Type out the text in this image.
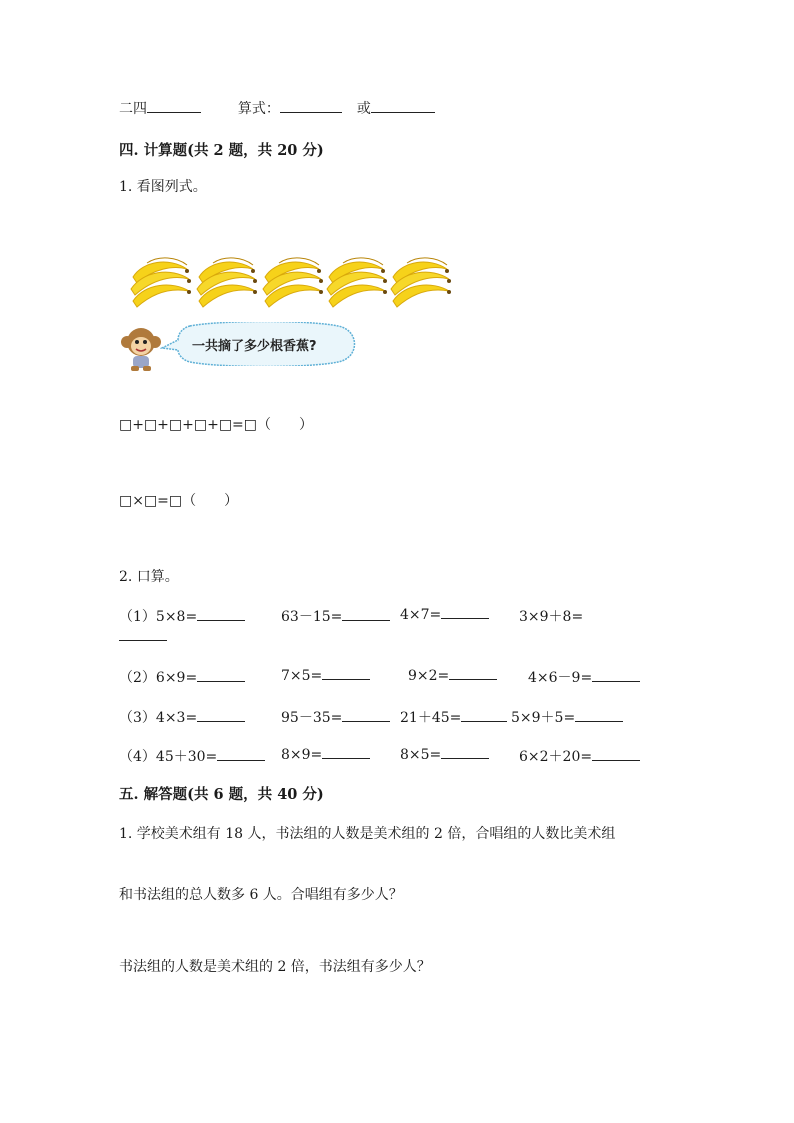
二四	算式：	或
四. 计算题(共 2 题，共 20 分)
1. 看图列式。
一共摘了多少根香蕉?
□+□+□+□+□=□（　　）
□×□=□（　　）
2. 口算。
（1）5×8=	63－15=	4×7=	3×9＋8=
（2）6×9=	7×5=	9×2=	4×6－9=
（3）4×3=	95－35=	21＋45=	5×9＋5=
（4）45＋30=	8×9=	8×5=	6×2＋20=
五. 解答题(共 6 题，共 40 分)
1. 学校美术组有 18 人，书法组的人数是美术组的 2 倍，合唱组的人数比美术组
和书法组的总人数多 6 人。合唱组有多少人？
书法组的人数是美术组的 2 倍，书法组有多少人？
